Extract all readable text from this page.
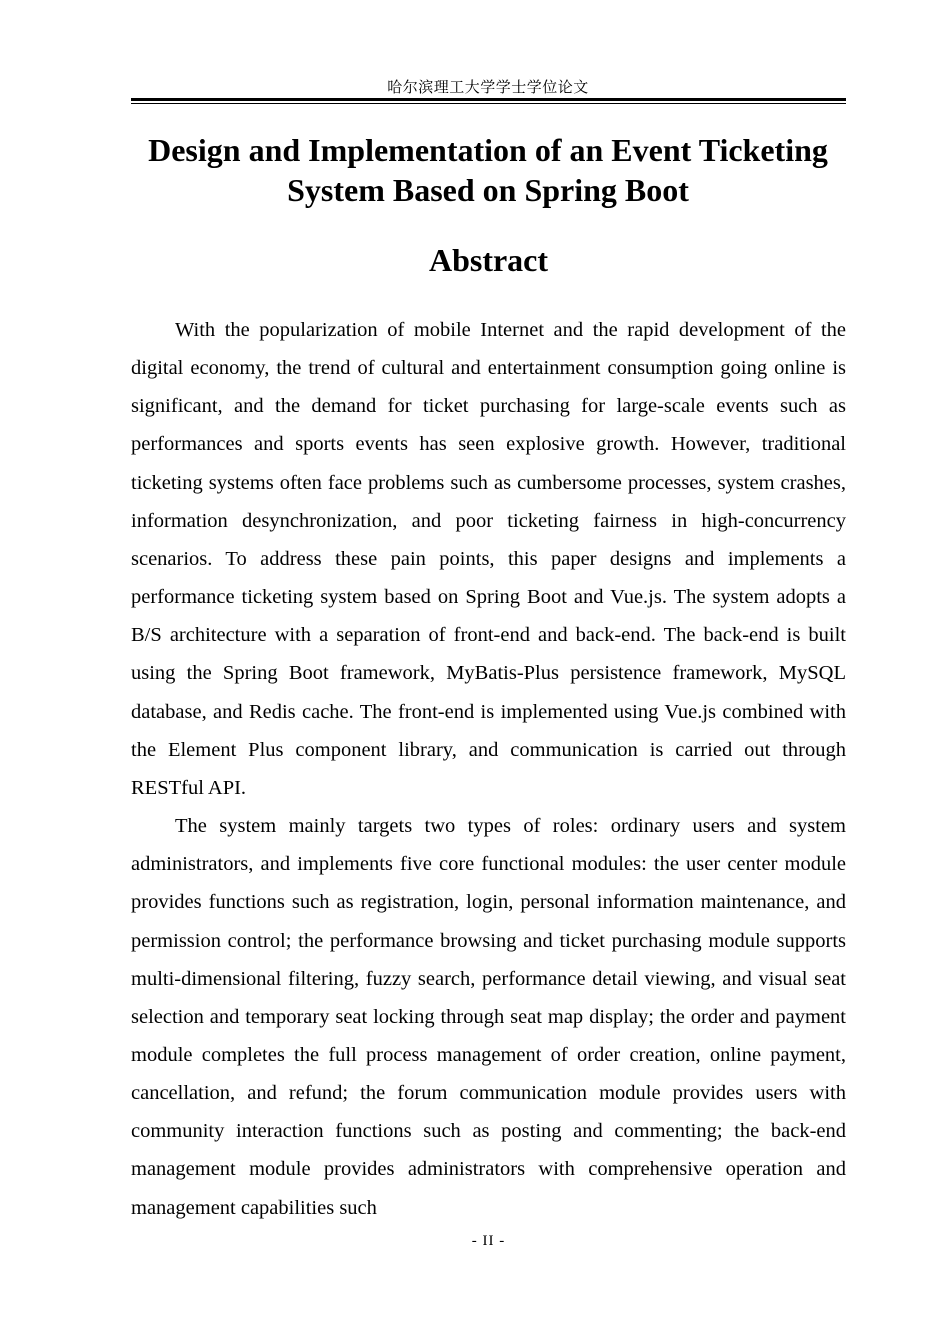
哈尔滨理工大学学士学位论文
Design and Implementation of an Event Ticketing
System Based on Spring Boot
Abstract

With the popularization of mobile Internet and the rapid development of the digital economy, the trend of cultural and entertainment consumption going online is significant, and the demand for ticket purchasing for large-scale events such as performances and sports events has seen explosive growth. However, traditional ticketing systems often face problems such as cumbersome processes, system crashes, information desynchronization, and poor ticketing fairness in high-concurrency scenarios. To address these pain points, this paper designs and implements a performance ticketing system based on Spring Boot and Vue.js. The system adopts a B/S architecture with a separation of front-end and back-end. The back-end is built using the Spring Boot framework, MyBatis-Plus persistence framework, MySQL database, and Redis cache. The front-end is implemented using Vue.js combined with the Element Plus component library, and communication is carried out through RESTful API.

The system mainly targets two types of roles: ordinary users and system administrators, and implements five core functional modules: the user center module provides functions such as registration, login, personal information maintenance, and permission control; the performance browsing and ticket purchasing module supports multi-dimensional filtering, fuzzy search, performance detail viewing, and visual seat selection and temporary seat locking through seat map display; the order and payment module completes the full process management of order creation, online payment, cancellation, and refund; the forum communication module provides users with community interaction functions such as posting and commenting; the back-end management module provides administrators with comprehensive operation and management capabilities such

- II -
